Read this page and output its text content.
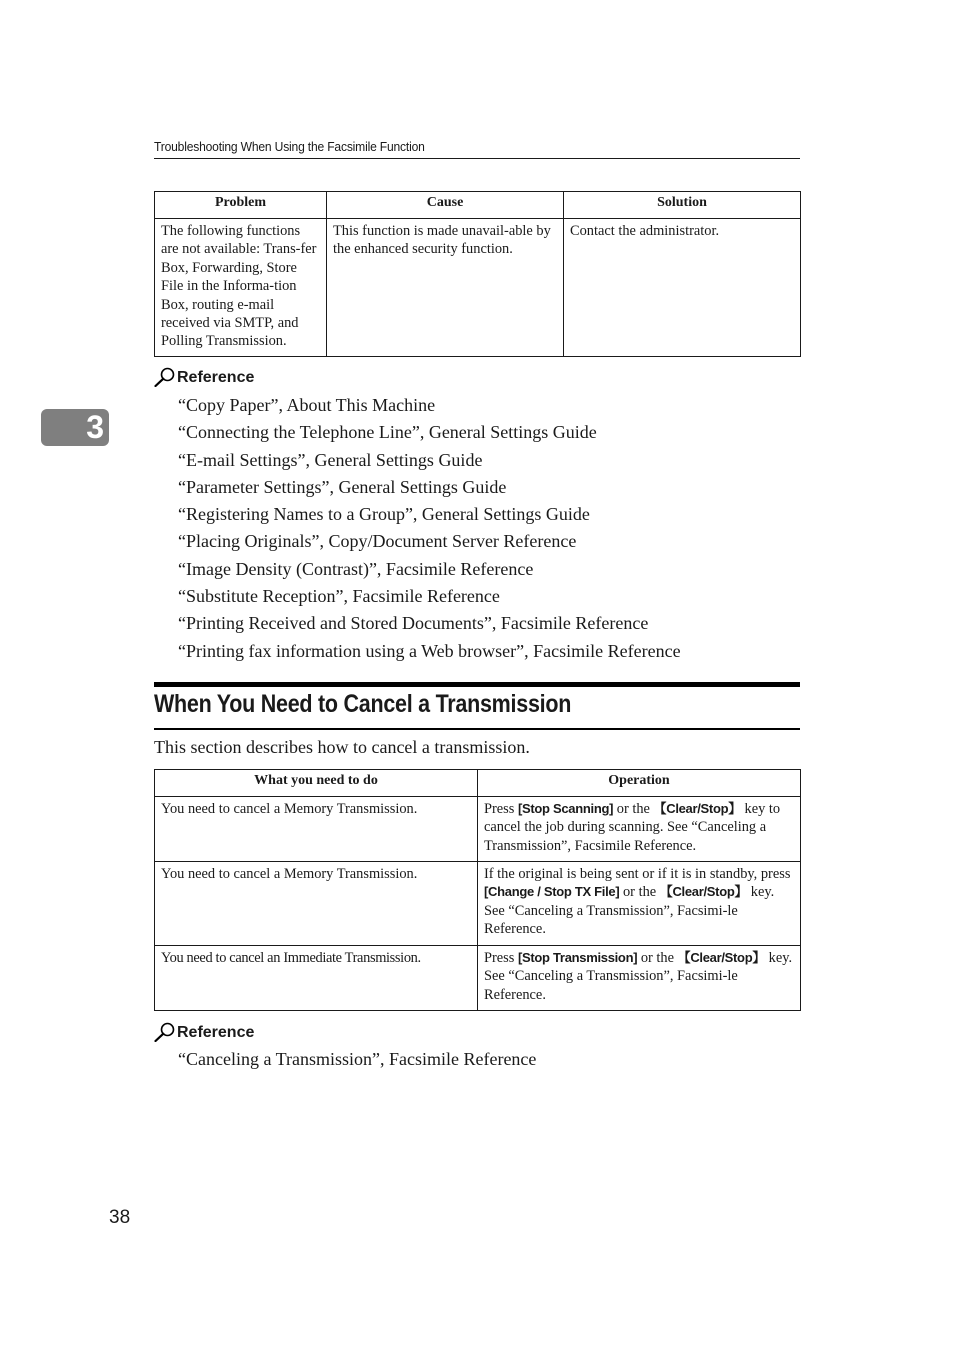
Troubleshooting When Using the Facsimile Function
3
Problem	Cause	Solution
The following functions are not available: Trans-fer Box, Forwarding, Store File in the Informa-tion Box, routing e-mail received via SMTP, and Polling Transmission.	This function is made unavail-able by the enhanced security function.	Contact the administrator.
Reference
“Copy Paper”, About This Machine
“Connecting the Telephone Line”, General Settings Guide
“E-mail Settings”, General Settings Guide
“Parameter Settings”, General Settings Guide
“Registering Names to a Group”, General Settings Guide
“Placing Originals”, Copy/Document Server Reference
“Image Density (Contrast)”, Facsimile Reference
“Substitute Reception”, Facsimile Reference
“Printing Received and Stored Documents”, Facsimile Reference
“Printing fax information using a Web browser”, Facsimile Reference
When You Need to Cancel a Transmission
This section describes how to cancel a transmission.
What you need to do	Operation
You need to cancel a Memory Transmission.	Press [Stop Scanning] or the 【Clear/Stop】 key to cancel the job during scanning. See “Canceling a Transmission”, Facsimile Reference.
You need to cancel a Memory Transmission.	If the original is being sent or if it is in standby, press [Change / Stop TX File] or the 【Clear/Stop】 key. See “Canceling a Transmission”, Facsimi-le Reference.
You need to cancel an Immediate Transmission.	Press [Stop Transmission] or the 【Clear/Stop】 key. See “Canceling a Transmission”, Facsimi-le Reference.
Reference
“Canceling a Transmission”, Facsimile Reference
38
